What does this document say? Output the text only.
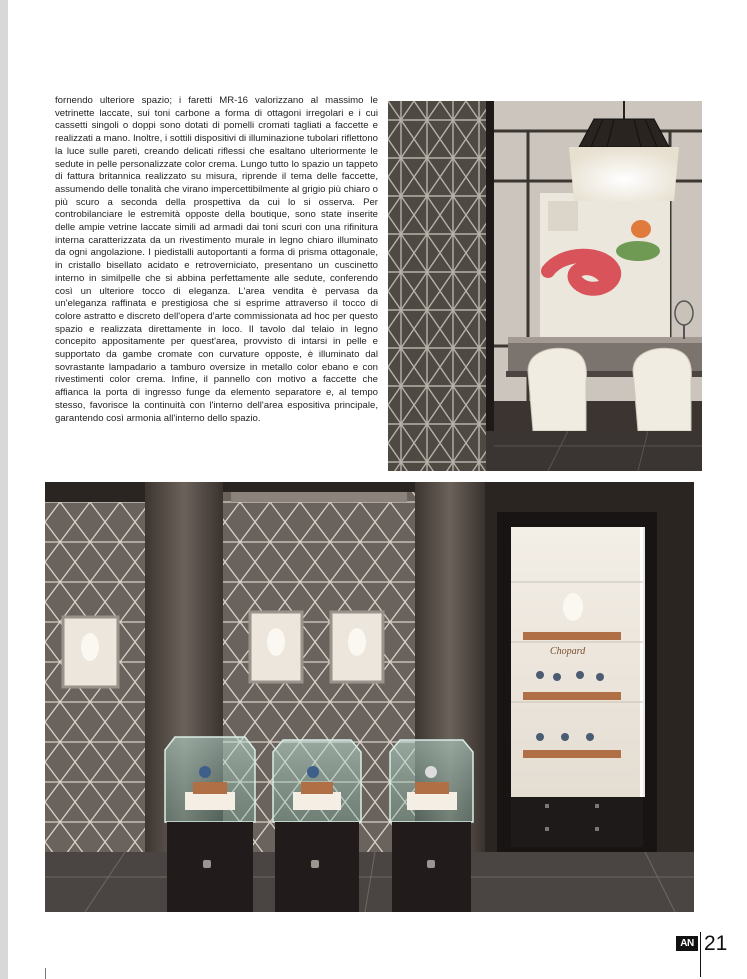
fornendo ulteriore spazio; i faretti MR-16 valorizzano al massimo le vetrinette laccate, sui toni carbone a forma di ottagoni irregolari e i cui cassetti singoli o doppi sono dotati di pomelli cromati tagliati a faccette e realizzati a mano. Inoltre, i sottili dispositivi di illuminazione tubolari riflettono la luce sulle pareti, creando delicati riflessi che esaltano ulteriormente le sedute in pelle personalizzate color crema. Lungo tutto lo spazio un tappeto di fattura britannica realizzato su misura, riprende il tema delle faccette, assumendo delle tonalità che virano impercettibilmente al grigio più chiaro o più scuro a seconda della prospettiva da cui lo si osserva. Per controbilanciare le estremità opposte della boutique, sono state inserite delle ampie vetrine laccate simili ad armadi dai toni scuri con una rifinitura interna caratterizzata da un rivestimento murale in legno chiaro illuminato da ogni angolazione. I piedistalli autoportanti a forma di prisma ottagonale, in cristallo bisellato acidato e retroverniciato, presentano un cuscinetto interno in similpelle che si abbina perfettamente alle sedute, conferendo così un ulteriore tocco di eleganza. L'area vendita è pervasa da un'eleganza raffinata e prestigiosa che si esprime attraverso il tocco di colore astratto e discreto dell'opera d'arte commissionata ad hoc per questo spazio e realizzata direttamente in loco. Il tavolo dal telaio in legno concepito appositamente per quest'area, provvisto di intarsi in pelle e supportato da gambe cromate con curvature opposte, è illuminato dal sovrastante lampadario a tamburo oversize in metallo color ebano e con rivestimenti color crema. Infine, il pannello con motivo a faccette che affianca la porta di ingresso funge da elemento separatore e, al tempo stesso, favorisce la continuità con l'interno dell'area espositiva principale, garantendo così armonia all'interno dello spazio.

Chopard
AN 21
